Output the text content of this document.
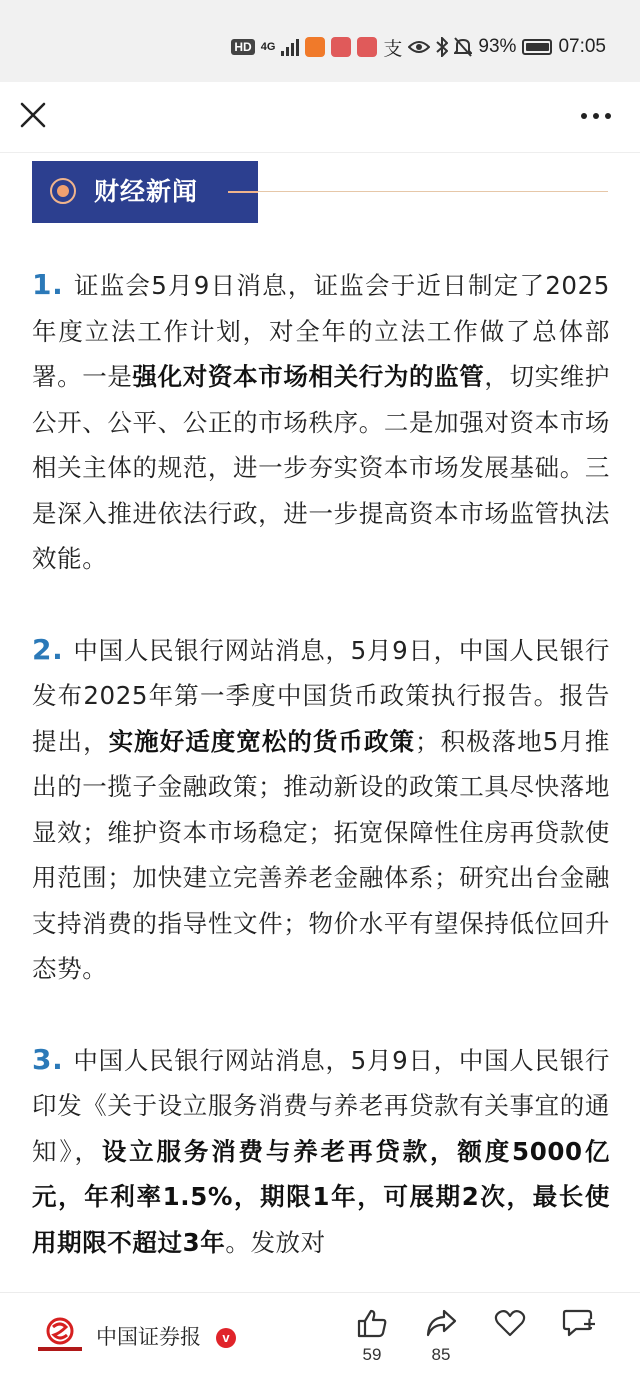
HD 4G	支	93% 07:05
财经新闻

1. 证监会5月9日消息，证监会于近日制定了2025年度立法工作计划，对全年的立法工作做了总体部署。一是强化对资本市场相关行为的监管，切实维护公开、公平、公正的市场秩序。二是加强对资本市场相关主体的规范，进一步夯实资本市场发展基础。三是深入推进依法行政，进一步提高资本市场监管执法效能。

2. 中国人民银行网站消息，5月9日，中国人民银行发布2025年第一季度中国货币政策执行报告。报告提出，实施好适度宽松的货币政策；积极落地5月推出的一揽子金融政策；推动新设的政策工具尽快落地显效；维护资本市场稳定；拓宽保障性住房再贷款使用范围；加快建立完善养老金融体系；研究出台金融支持消费的指导性文件；物价水平有望保持低位回升态势。

3. 中国人民银行网站消息，5月9日，中国人民银行印发《关于设立服务消费与养老再贷款有关事宜的通知》，设立服务消费与养老再贷款，额度5000亿元，年利率1.5%，期限1年，可展期2次，最长使用期限不超过3年。发放对

中国证券报	v
59	85
